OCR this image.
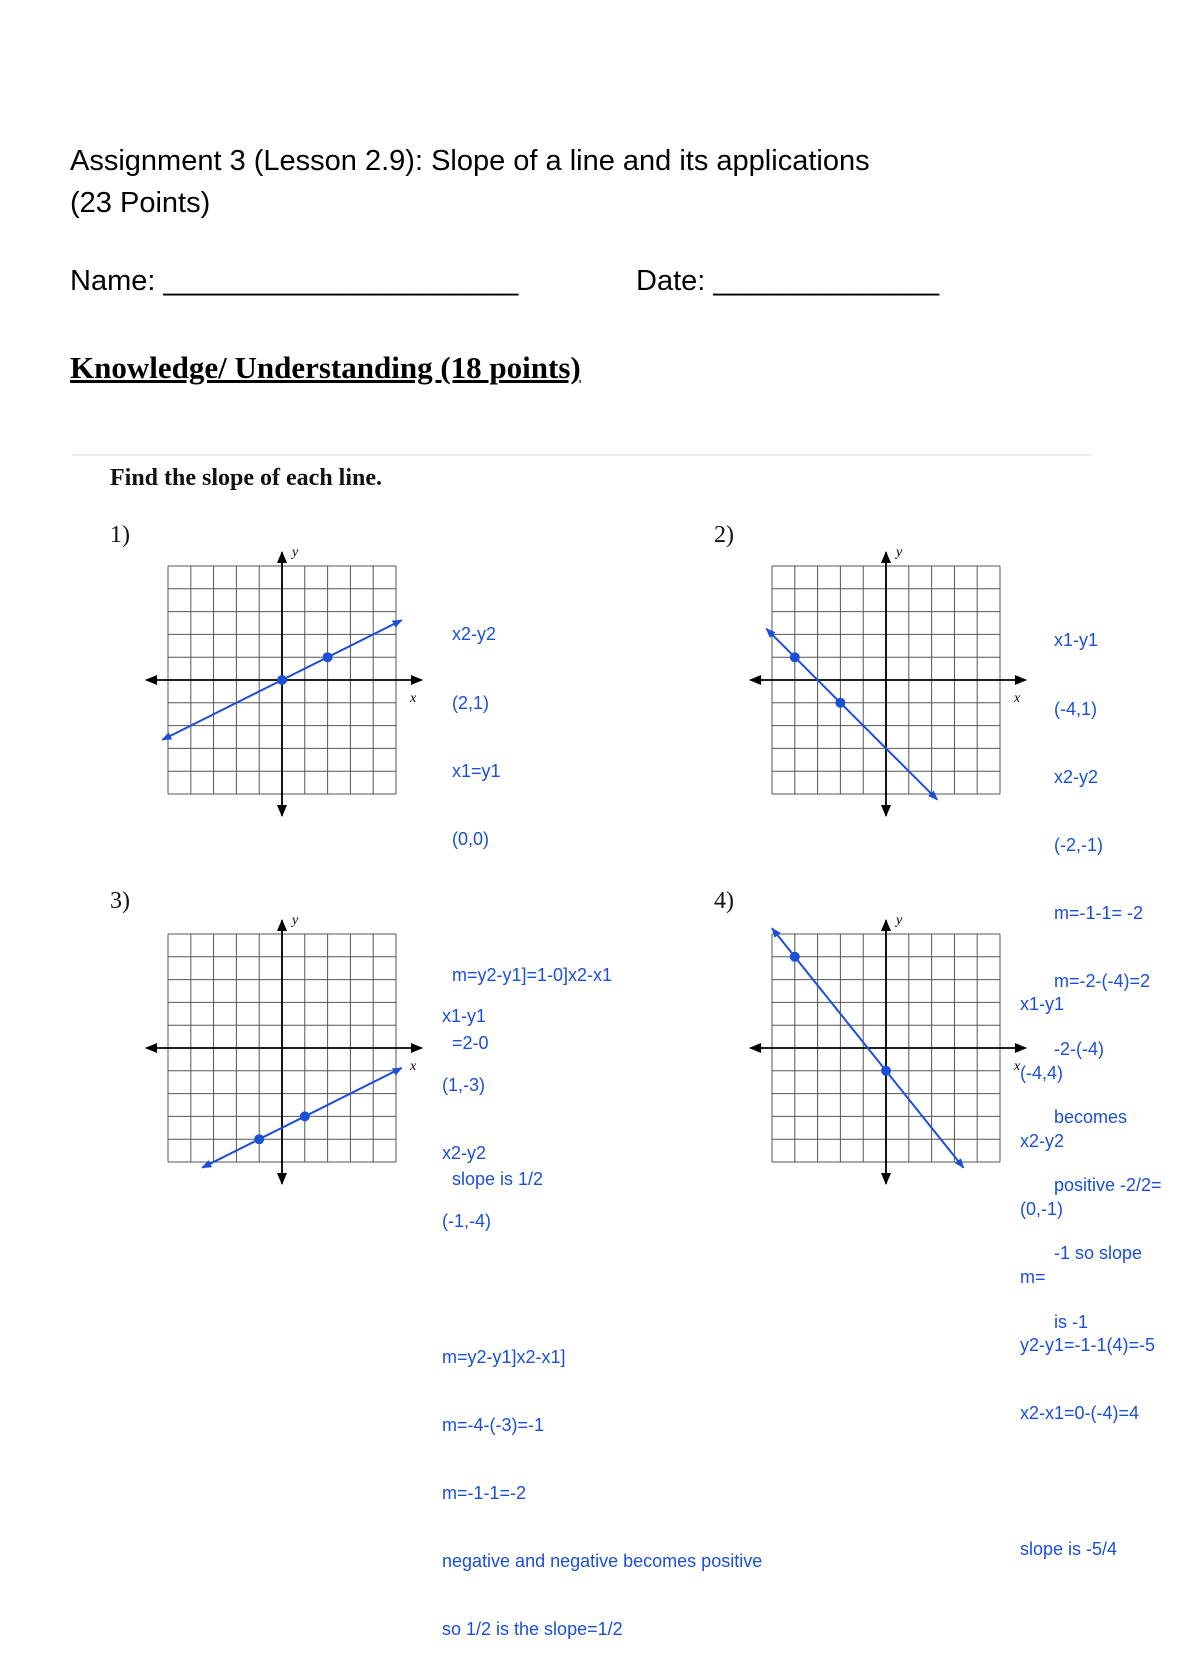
Assignment 3 (Lesson 2.9): Slope of a line and its applications
(23 Points)
Name: ______________________	Date: ______________
Knowledge/ Understanding (18 points)
Find the slope of each line.
1)
x
y

x2-y2

(2,1)

x1=y1

(0,0)

m=y2-y1]=1-0]x2-x1

=2-0

slope is 1/2

2)
x
y

x1-y1

(-4,1)

x2-y2

(-2,-1)

m=-1-1= -2

m=-2-(-4)=2

-2-(-4)

becomes

positive -2/2=

-1 so slope

is -1

3)
x
y

x1-y1

(1,-3)

x2-y2

(-1,-4)

m=y2-y1]x2-x1]

m=-4-(-3)=-1

m=-1-1=-2

negative and negative becomes positive

so 1/2 is the slope=1/2

4)
x
y

x1-y1

(-4,4)

x2-y2

(0,-1)

m=

y2-y1=-1-1(4)=-5

x2-x1=0-(-4)=4

slope is -5/4
